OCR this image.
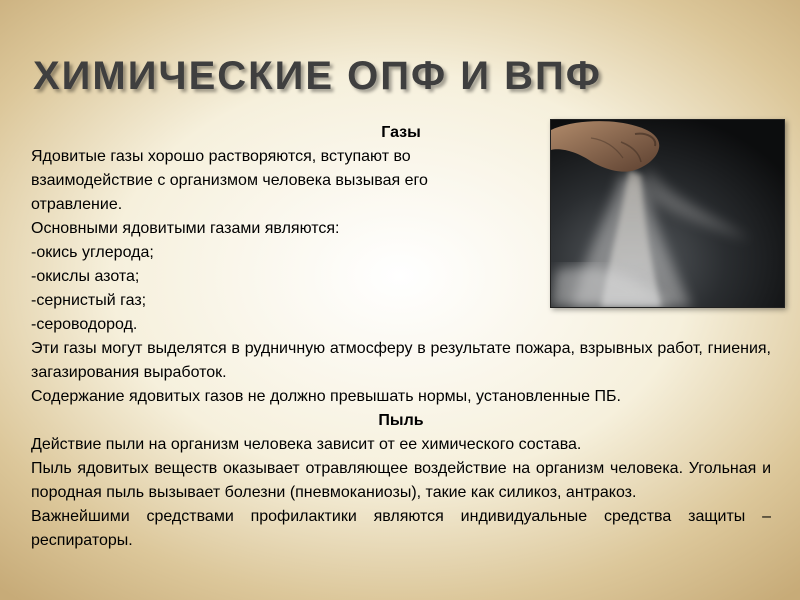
ХИМИЧЕСКИЕ ОПФ И ВПФ

Газы

Ядовитые газы хорошо растворяются, вступают во взаимодействие с организмом человека вызывая его отравление.

Основными ядовитыми газами являются:

-окись углерода;

-окислы азота;

-сернистый газ;

-сероводород.

Эти газы могут выделятся в рудничную атмосферу в результате пожара, взрывных работ, гниения, загазирования выработок.

Содержание ядовитых газов не должно превышать нормы, установленные ПБ.

Пыль

Действие пыли на организм человека зависит от ее химического состава.

Пыль ядовитых веществ оказывает отравляющее воздействие на организм человека. Угольная и породная пыль вызывает болезни (пневмоканиозы), такие как силикоз, антракоз.

Важнейшими средствами профилактики являются индивидуальные средства защиты – респираторы.
